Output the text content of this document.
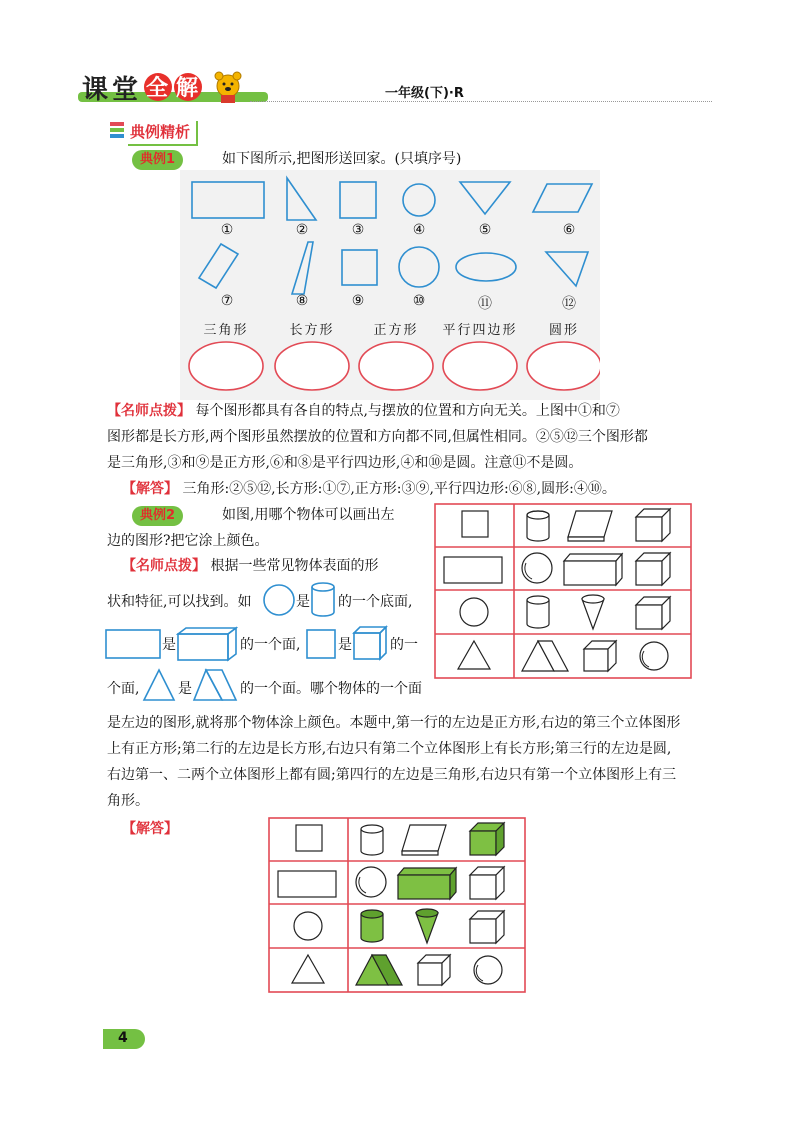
课 堂 全 解	一年级(下)·R
典例精析
典例1	如下图所示,把图形送回家。(只填序号)
①	②	③	④	⑤	⑥
⑦	⑧	⑨	⑩	⑪	⑫
三角形	长方形	正方形	平行四边形	圆形
【名师点拨】 每个图形都具有各自的特点,与摆放的位置和方向无关。上图中①和⑦
图形都是长方形,两个图形虽然摆放的位置和方向都不同,但属性相同。②⑤⑫三个图形都
是三角形,③和⑨是正方形,⑥和⑧是平行四边形,④和⑩是圆。注意⑪不是圆。
【解答】 三角形:②⑤⑫,长方形:①⑦,正方形:③⑨,平行四边形:⑥⑧,圆形:④⑩。
典例2	如图,用哪个物体可以画出左
边的图形?把它涂上颜色。
【名师点拨】 根据一些常见物体表面的形
状和特征,可以找到。如	是 的一个底面,
是	的一个面,	是	的一
个面,	是	的一个面。哪个物体的一个面
是左边的图形,就将那个物体涂上颜色。本题中,第一行的左边是正方形,右边的第三个立体图形
上有正方形;第二行的左边是长方形,右边只有第二个立体图形上有长方形;第三行的左边是圆,
右边第一、二两个立体图形上都有圆;第四行的左边是三角形,右边只有第一个立体图形上有三
角形。
【解答】
4
